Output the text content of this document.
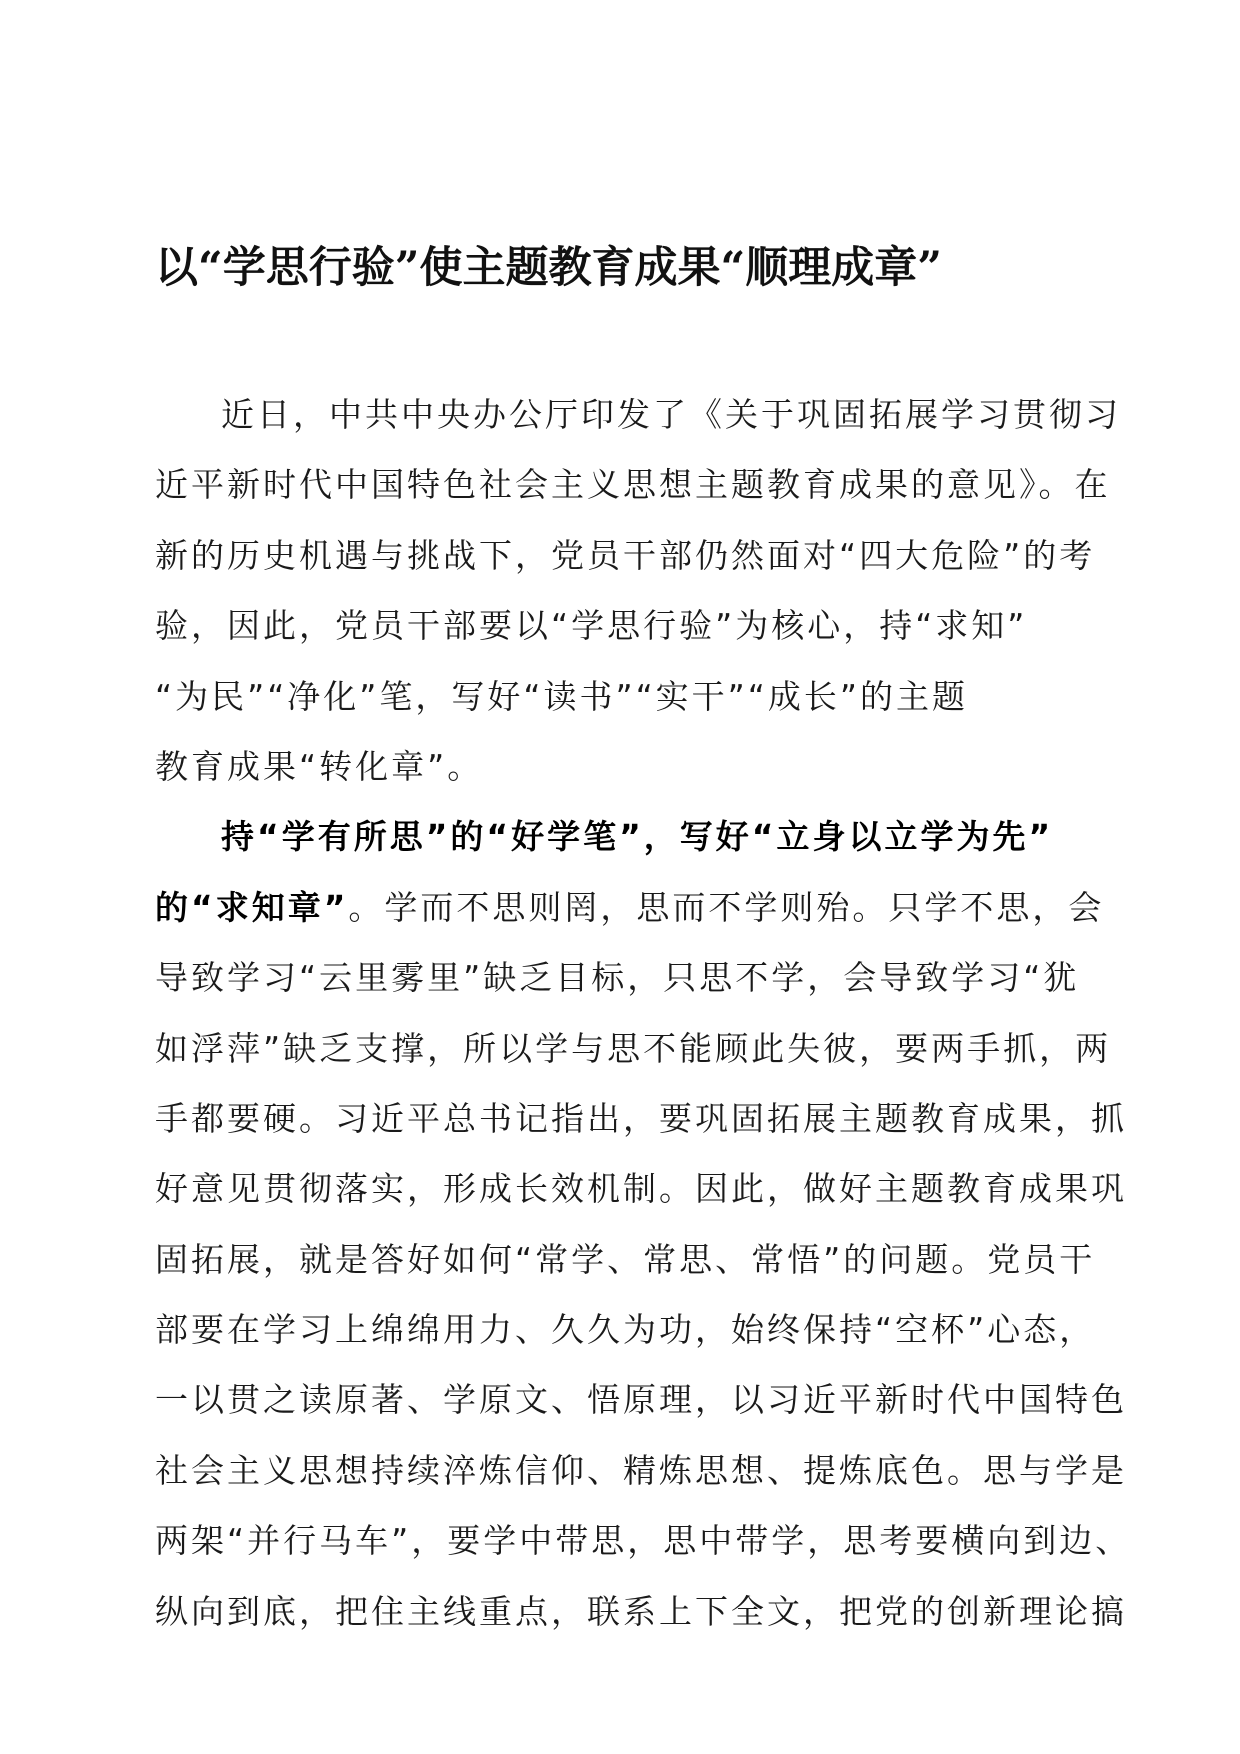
以“学思行验”使主题教育成果“顺理成章”
近日，中共中央办公厅印发了《关于巩固拓展学习贯彻习
近平新时代中国特色社会主义思想主题教育成果的意见》。在
新的历史机遇与挑战下，党员干部仍然面对“四大危险”的考
验，因此，党员干部要以“学思行验”为核心，持“求知”
“为民”“净化”笔，写好“读书”“实干”“成长”的主题
教育成果“转化章”。
持“学有所思”的“好学笔”，写好“立身以立学为先”
的“求知章”。学而不思则罔，思而不学则殆。只学不思，会
导致学习“云里雾里”缺乏目标，只思不学，会导致学习“犹
如浮萍”缺乏支撑，所以学与思不能顾此失彼，要两手抓，两
手都要硬。习近平总书记指出，要巩固拓展主题教育成果，抓
好意见贯彻落实，形成长效机制。因此，做好主题教育成果巩
固拓展，就是答好如何“常学、常思、常悟”的问题。党员干
部要在学习上绵绵用力、久久为功，始终保持“空杯”心态，
一以贯之读原著、学原文、悟原理，以习近平新时代中国特色
社会主义思想持续淬炼信仰、精炼思想、提炼底色。思与学是
两架“并行马车”，要学中带思，思中带学，思考要横向到边、
纵向到底，把住主线重点，联系上下全文，把党的创新理论搞
